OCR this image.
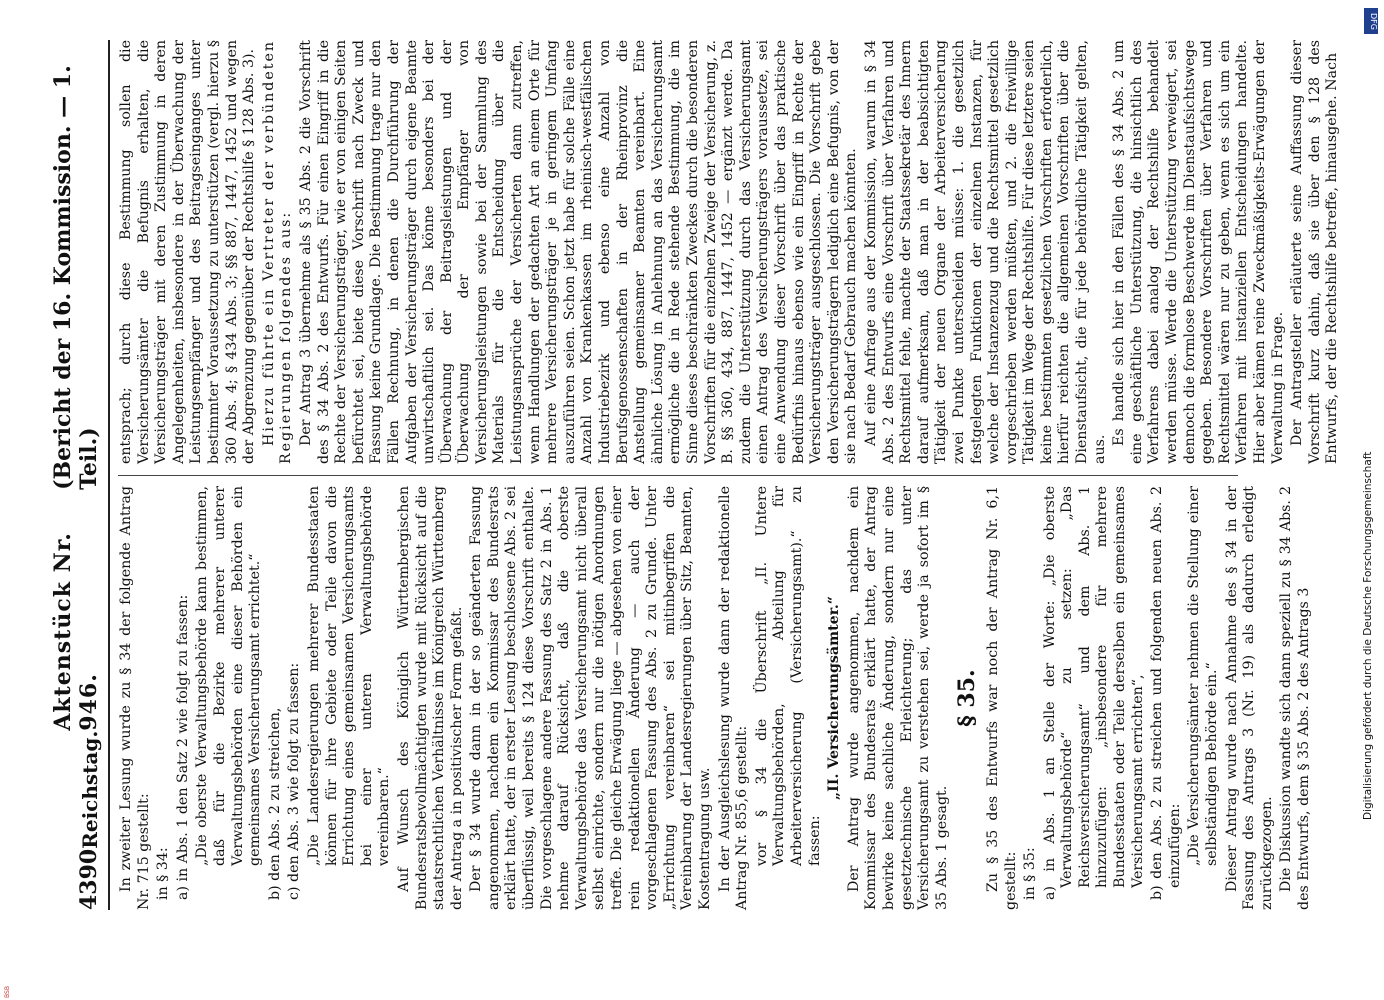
4390
Reichstag.
Aktenstück Nr. 946.
(Bericht der 16. Kommission. — 1. Teil.)

In zweiter Lesung wurde zu § 34 der folgende Antrag Nr. 715 gestellt: in § 34: a) in Abs. 1 den Satz 2 wie folgt zu fassen: „Die oberste Verwaltungsbehörde kann bestimmen, daß für die Bezirke mehrerer unterer Verwaltungsbehörden eine dieser Behörden ein gemeinsames Versicherungsamt errichtet.“ b) den Abs. 2 zu streichen, c) den Abs. 3 wie folgt zu fassen: „Die Landesregierungen mehrerer Bundesstaaten können für ihre Gebiete oder Teile davon die Errichtung eines gemeinsamen Versicherungsamts bei einer unteren Verwaltungsbehörde vereinbaren.“ Auf Wunsch des Königlich Württembergischen Bundesratsbevollmächtigten wurde mit Rücksicht auf die staatsrechtlichen Verhältnisse im Königreich Württemberg der Antrag a in positivischer Form gefaßt. Der § 34 wurde dann in der so geänderten Fassung angenommen, nachdem ein Kommissar des Bundesrats erklärt hatte, der in erster Lesung beschlossene Abs. 2 sei überflüssig, weil bereits § 124 diese Vorschrift enthalte. Die vorgeschlagene andere Fassung des Satz 2 in Abs. 1 nehme darauf Rücksicht, daß die oberste Verwaltungsbehörde das Versicherungsamt nicht überall selbst einrichte, sondern nur die nötigen Anordnungen treffe. Die gleiche Erwägung liege — abgesehen von einer rein redaktionellen Änderung — auch der vorgeschlagenen Fassung des Abs. 2 zu Grunde. Unter „Errichtung vereinbaren“ sei mitinbegriffen die Vereinbarung der Landesregierungen über Sitz, Beamten, Kostentragung usw. In der Ausgleichslesung wurde dann der redaktionelle Antrag Nr. 855,6 gestellt: vor § 34 die Überschrift „II. Untere Verwaltungsbehörden, Abteilung für Arbeiterversicherung (Versicherungsamt).“ zu fassen:

„II. Versicherungsämter.“ Der Antrag wurde angenommen, nachdem ein Kommissar des Bundesrats erklärt hatte, der Antrag bewirke keine sachliche Änderung, sondern nur eine gesetztechnische Erleichterung; das unter Versicherungsamt zu verstehen sei, werde ja sofort im § 35 Abs. 1 gesagt.

§ 35. Zu § 35 des Entwurfs war noch der Antrag Nr. 6,1 gestellt: in § 35: a) in Abs. 1 an Stelle der Worte: „Die oberste Verwaltungsbehörde“ zu setzen: „Das Reichsversicherungsamt“ und dem Abs. 1 hinzuzufügen: „insbesondere für mehrere Bundesstaaten oder Teile derselben ein gemeinsames Versicherungsamt errichten“, b) den Abs. 2 zu streichen und folgenden neuen Abs. 2 einzufügen: „Die Versicherungsämter nehmen die Stellung einer selbständigen Behörde ein.“ Dieser Antrag wurde nach Annahme des § 34 in der Fassung des Antrags 3 (Nr. 19) als dadurch erledigt zurückgezogen. Die Diskussion wandte sich dann speziell zu § 34 Abs. 2 des Entwurfs, dem § 35 Abs. 2 des Antrags 3

entsprach; durch diese Bestimmung sollen die Versicherungsämter die Befugnis erhalten, die Versicherungsträger mit deren Zustimmung in deren Angelegenheiten, insbesondere in der Überwachung der Leistungsempfänger und des Beitragseinganges unter bestimmter Voraussetzung zu unterstützen (vergl. hierzu § 360 Abs. 4; § 434 Abs. 3; §§ 887, 1447, 1452 und wegen der Abgrenzung gegenüber der Rechtshilfe § 128 Abs. 3). Hierzu führte ein Vertreter der verbündeten Regierungen folgendes aus: Der Antrag 3 übernehme als § 35 Abs. 2 die Vorschrift des § 34 Abs. 2 des Entwurfs. Für einen Eingriff in die Rechte der Versicherungsträger, wie er von einigen Seiten befürchtet sei, biete diese Vorschrift nach Zweck und Fassung keine Grundlage. Die Bestimmung trage nur den Fällen Rechnung, in denen die Durchführung der Aufgaben der Versicherungsträger durch eigene Beamte unwirtschaftlich sei. Das könne besonders bei der Überwachung der Beitragsleistungen und der Überwachung der Empfänger von Versicherungsleistungen sowie bei der Sammlung des Materials für die Entscheidung über die Leistungsansprüche der Versicherten dann zutreffen, wenn Handlungen der gedachten Art an einem Orte für mehrere Versicherungsträger je in geringem Umfang auszuführen seien. Schon jetzt habe für solche Fälle eine Anzahl von Krankenkassen im rheinisch-westfälischen Industriebezirk und ebenso eine Anzahl von Berufsgenossenschaften in der Rheinprovinz die Anstellung gemeinsamer Beamten vereinbart. Eine ähnliche Lösung in Anlehnung an das Versicherungsamt ermögliche die in Rede stehende Bestimmung, die im Sinne dieses beschränkten Zweckes durch die besonderen Vorschriften für die einzelnen Zweige der Versicherung, z. B. §§ 360, 434, 887, 1447, 1452 — ergänzt werde. Da zudem die Unterstützung durch das Versicherungsamt einen Antrag des Versicherungsträgers voraussetze, sei eine Anwendung dieser Vorschrift über das praktische Bedürfnis hinaus ebenso wie ein Eingriff in Rechte der Versicherungsträger ausgeschlossen. Die Vorschrift gebe den Versicherungsträgern lediglich eine Befugnis, von der sie nach Bedarf Gebrauch machen könnten. Auf eine Anfrage aus der Kommission, warum in § 34 Abs. 2 des Entwurfs eine Vorschrift über Verfahren und Rechtsmittel fehle, machte der Staatssekretär des Innern darauf aufmerksam, daß man in der beabsichtigten Tätigkeit der neuen Organe der Arbeiterversicherung zwei Punkte unterscheiden müsse: 1. die gesetzlich festgelegten Funktionen der einzelnen Instanzen, für welche der Instanzenzug und die Rechtsmittel gesetzlich vorgeschrieben werden müßten, und 2. die freiwillige Tätigkeit im Wege der Rechtshilfe. Für diese letztere seien keine bestimmten gesetzlichen Vorschriften erforderlich, hierfür reichten die allgemeinen Vorschriften über die Dienstaufsicht, die für jede behördliche Tätigkeit gelten, aus.

Es handle sich hier in den Fällen des § 34 Abs. 2 um eine geschäftliche Unterstützung, die hinsichtlich des Verfahrens dabei analog der Rechtshilfe behandelt werden müsse. Werde die Unterstützung verweigert, sei dennoch die formlose Beschwerde im Dienstaufsichtswege gegeben. Besondere Vorschriften über Verfahren und Rechtsmittel wären nur zu geben, wenn es sich um ein Verfahren mit instanziellen Entscheidungen handelte. Hier aber kämen reine Zweckmäßigkeits-Erwägungen der Verwaltung in Frage. Der Antragsteller erläuterte seine Auffassung dieser Vorschrift kurz dahin, daß sie über den § 128 des Entwurfs, der die Rechtshilfe betreffe, hinausgehe. Nach

DFG
Digitalisierung gefördert durch die Deutsche Forschungsgemeinschaft
BSB
